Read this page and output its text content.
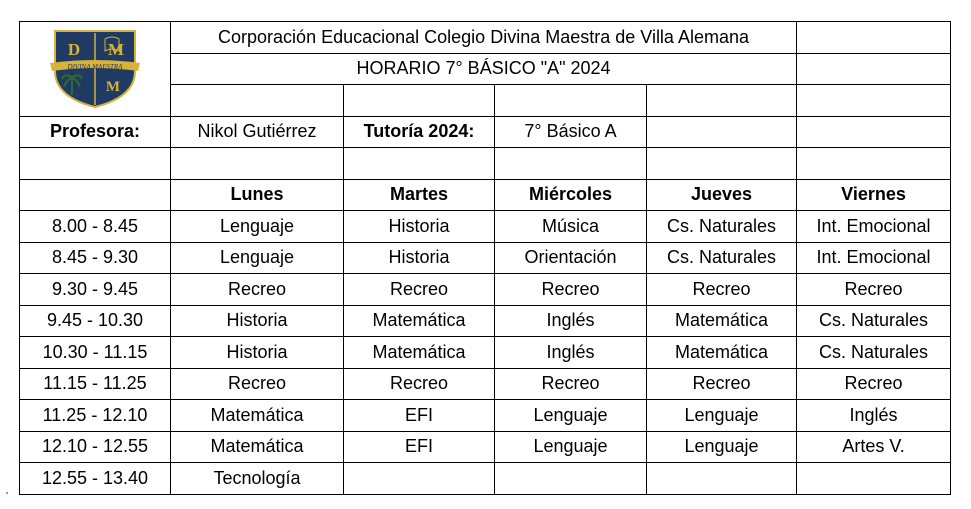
D M
DIVINA MAESTRA
M	Corporación Educacional Colegio Divina Maestra de Villa Alemana				
	HORARIO 7° BÁSICO "A" 2024				

Profesora:	Nikol Gutiérrez	Tutoría 2024:	7° Básico A		

	Lunes	Martes	Miércoles	Jueves	Viernes
8.00 - 8.45	Lenguaje	Historia	Música	Cs. Naturales	Int. Emocional
8.45 - 9.30	Lenguaje	Historia	Orientación	Cs. Naturales	Int. Emocional
9.30 - 9.45	Recreo	Recreo	Recreo	Recreo	Recreo
9.45 - 10.30	Historia	Matemática	Inglés	Matemática	Cs. Naturales
10.30 - 11.15	Historia	Matemática	Inglés	Matemática	Cs. Naturales
11.15 - 11.25	Recreo	Recreo	Recreo	Recreo	Recreo
11.25 - 12.10	Matemática	EFI	Lenguaje	Lenguaje	Inglés
12.10 - 12.55	Matemática	EFI	Lenguaje	Lenguaje	Artes V.
12.55 - 13.40	Tecnología				
